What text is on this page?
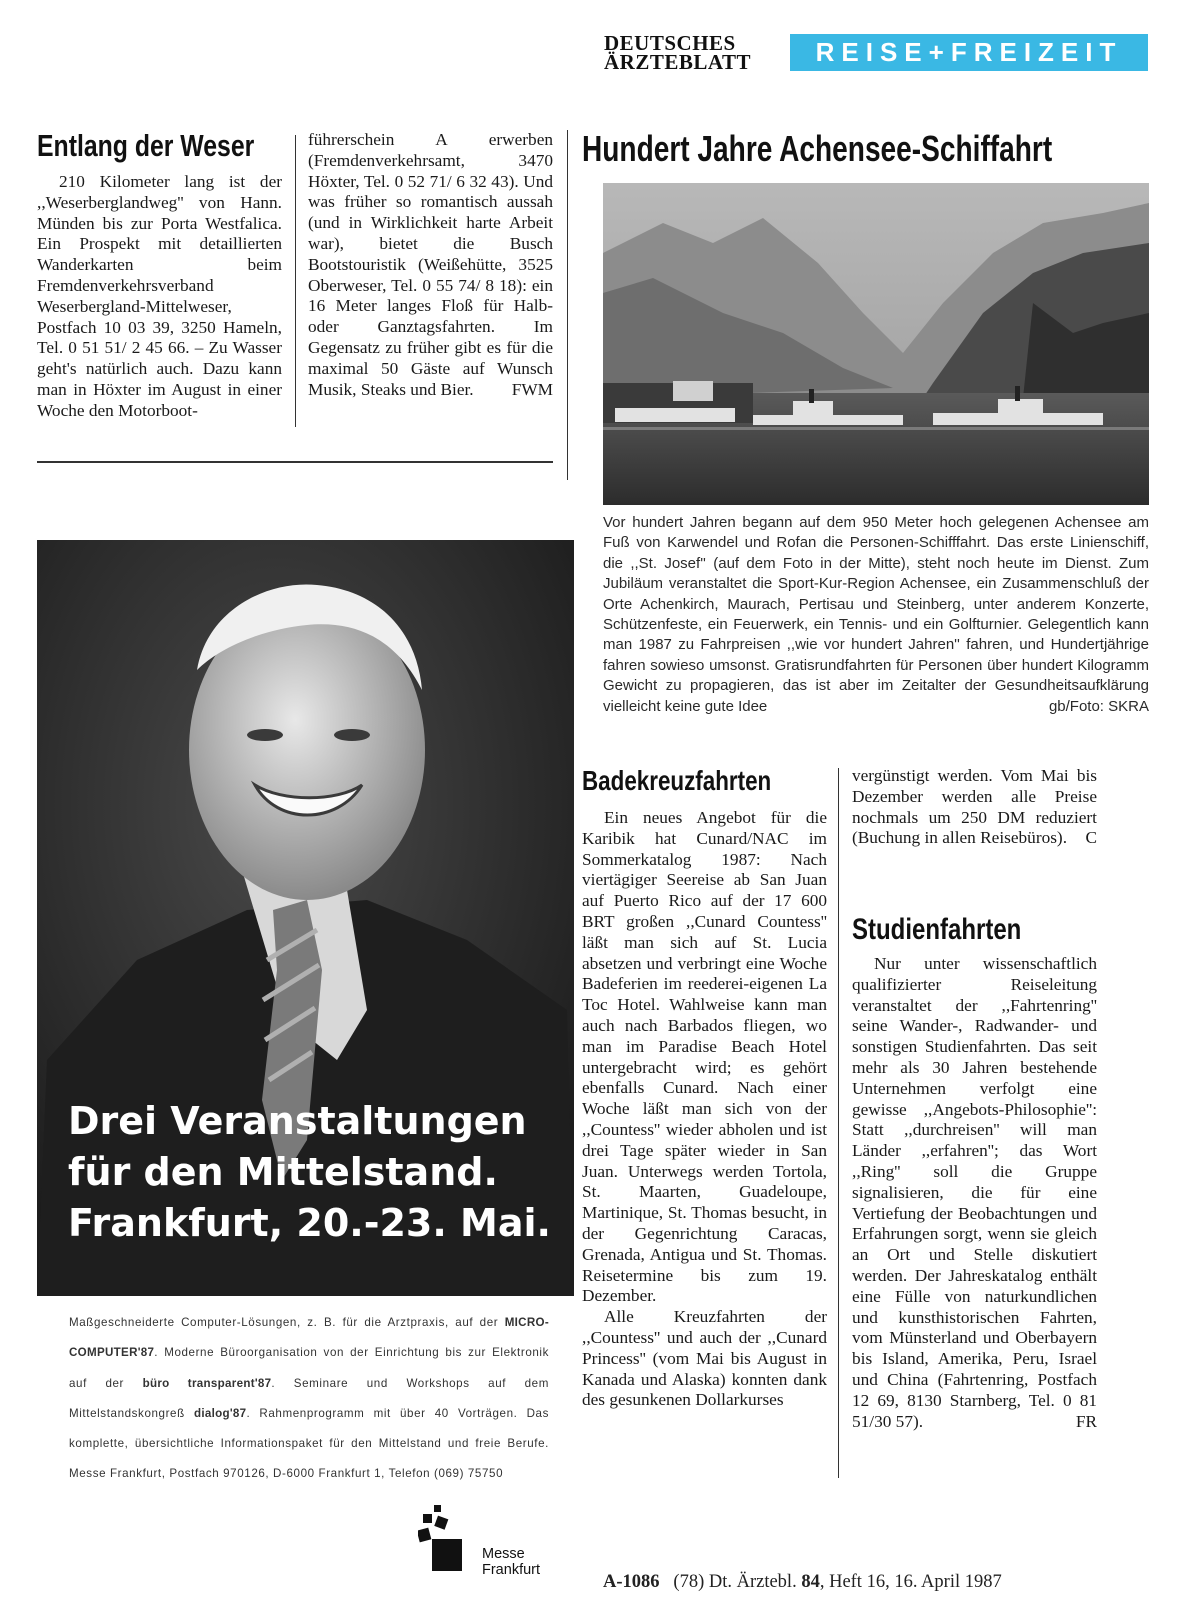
DEUTSCHES
ÄRZTEBLATT	REISE+FREIZEIT
Entlang der Weser

210 Kilometer lang ist der ,,Weserberglandweg'' von Hann. Münden bis zur Porta Westfalica. Ein Prospekt mit detaillierten Wanderkarten beim Fremdenverkehrsverband Weserbergland-Mittelweser, Postfach 10 03 39, 3250 Hameln, Tel. 0 51 51/ 2 45 66. – Zu Wasser geht's natürlich auch. Dazu kann man in Höxter im August in einer Woche den Motorboot-

führerschein A erwerben (Fremdenverkehrsamt, 3470 Höxter, Tel. 0 52 71/ 6 32 43). Und was früher so romantisch aussah (und in Wirklichkeit harte Arbeit war), bietet die Busch Bootstouristik (Weißehütte, 3525 Oberweser, Tel. 0 55 74/ 8 18): ein 16 Meter langes Floß für Halb- oder Ganztagsfahrten. Im Gegensatz zu früher gibt es für die maximal 50 Gäste auf Wunsch Musik, Steaks und Bier. FWM

Hundert Jahre Achensee-Schiffahrt
Vor hundert Jahren begann auf dem 950 Meter hoch gelegenen Achensee am Fuß von Karwendel und Rofan die Personen-Schifffahrt. Das erste Linienschiff, die ,,St. Josef'' (auf dem Foto in der Mitte), steht noch heute im Dienst. Zum Jubiläum veranstaltet die Sport-Kur-Region Achensee, ein Zusammenschluß der Orte Achenkirch, Maurach, Pertisau und Steinberg, unter anderem Konzerte, Schützenfeste, ein Feuerwerk, ein Tennis- und ein Golfturnier. Gelegentlich kann man 1987 zu Fahrpreisen ,,wie vor hundert Jahren'' fahren, und Hundertjährige fahren sowieso umsonst. Gratisrundfahrten für Personen über hundert Kilogramm Gewicht zu propagieren, das ist aber im Zeitalter der Gesundheitsaufklärung vielleicht keine gute Idee	gb/Foto: SKRA
Badekreuzfahrten

Ein neues Angebot für die Karibik hat Cunard/NAC im Sommerkatalog 1987: Nach viertägiger Seereise ab San Juan auf Puerto Rico auf der 17 600 BRT großen ,,Cunard Countess'' läßt man sich auf St. Lucia absetzen und verbringt eine Woche Badeferien im reederei-eigenen La Toc Hotel. Wahlweise kann man auch nach Barbados fliegen, wo man im Paradise Beach Hotel untergebracht wird; es gehört ebenfalls Cunard. Nach einer Woche läßt man sich von der ,,Countess'' wieder abholen und ist drei Tage später wieder in San Juan. Unterwegs werden Tortola, St. Maarten, Guadeloupe, Martinique, St. Thomas besucht, in der Gegenrichtung Caracas, Grenada, Antigua und St. Thomas. Reisetermine bis zum 19. Dezember.

Alle Kreuzfahrten der ,,Countess'' und auch der ,,Cunard Princess'' (vom Mai bis August in Kanada und Alaska) konnten dank des gesunkenen Dollarkurses

vergünstigt werden. Vom Mai bis Dezember werden alle Preise nochmals um 250 DM reduziert (Buchung in allen Reisebüros). C

Studienfahrten

Nur unter wissenschaftlich qualifizierter Reiseleitung veranstaltet der ,,Fahrtenring'' seine Wander-, Radwander- und sonstigen Studienfahrten. Das seit mehr als 30 Jahren bestehende Unternehmen verfolgt eine gewisse ,,Angebots-Philosophie'': Statt ,,durchreisen'' will man Länder ,,erfahren''; das Wort ,,Ring'' soll die Gruppe signalisieren, die für eine Vertiefung der Beobachtungen und Erfahrungen sorgt, wenn sie gleich an Ort und Stelle diskutiert werden. Der Jahreskatalog enthält eine Fülle von naturkundlichen und kunsthistorischen Fahrten, vom Münsterland und Oberbayern bis Island, Amerika, Peru, Israel und China (Fahrtenring, Postfach 12 69, 8130 Starnberg, Tel. 0 81 51/30 57).	FR

Drei Veranstaltungen
für den Mittelstand.
Frankfurt, 20.-23. Mai.
Maßgeschneiderte Computer-Lösungen, z. B. für die Arztpraxis, auf der MICRO-COMPUTER'87. Moderne Büroorganisation von der Einrichtung bis zur Elektronik auf der büro transparent'87. Seminare und Workshops auf dem Mittelstandskongreß dialog'87. Rahmenprogramm mit über 40 Vorträgen. Das komplette, übersichtliche Informationspaket für den Mittelstand und freie Berufe. Messe Frankfurt, Postfach 970126, D-6000 Frankfurt 1, Telefon (069) 75750
Messe
Frankfurt
A-1086 (78) Dt. Ärztebl. 84, Heft 16, 16. April 1987
